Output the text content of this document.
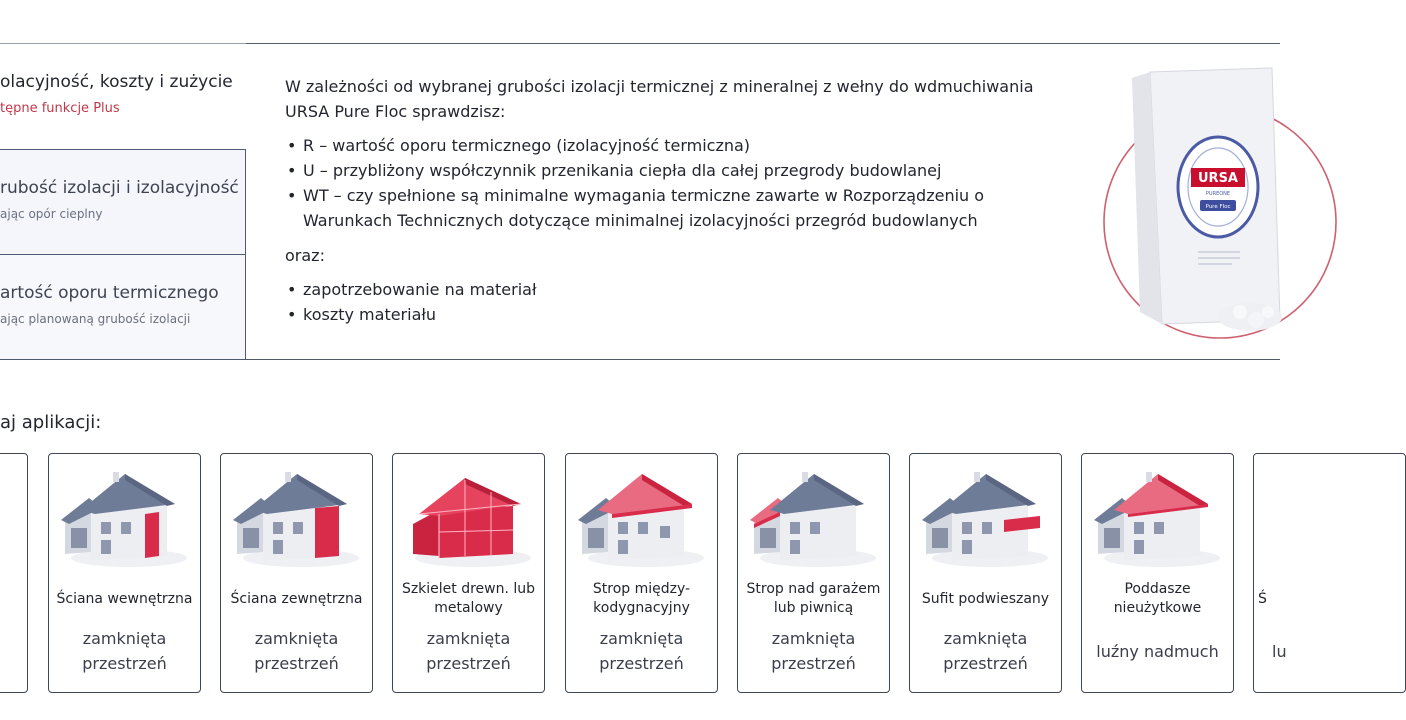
olacyjność, koszty i zużycie
tępne funkcje Plus
rubość izolacji i izolacyjność
ając opór cieplny
artość oporu termicznego
ając planowaną grubość izolacji

W zależności od wybranej grubości izolacji termicznej z mineralnej z wełny do wdmuchiwania URSA Pure Floc sprawdzisz:

• R – wartość oporu termicznego (izolacyjność termiczna)
• U – przybliżony współczynnik przenikania ciepła dla całej przegrody budowlanej
• WT – czy spełnione są minimalne wymagania termiczne zawarte w Rozporządzeniu o Warunkach Technicznych dotyczące minimalnej izolacyjności przegród budowlanych

oraz:

• zapotrzebowanie na materiał
• koszty materiału
URSA
PUREONE
Pure Floc
aj aplikacji:
Ściana wewnętrzna
zamknięta przestrzeń
Ściana zewnętrzna
zamknięta przestrzeń
Szkielet drewn. lub metalowy
zamknięta przestrzeń
Strop między-kodygnacyjny
zamknięta przestrzeń
Strop nad garażem lub piwnicą
zamknięta przestrzeń
Sufit podwieszany
zamknięta przestrzeń
Poddasze nieużytkowe
luźny nadmuch
Ś
lu
